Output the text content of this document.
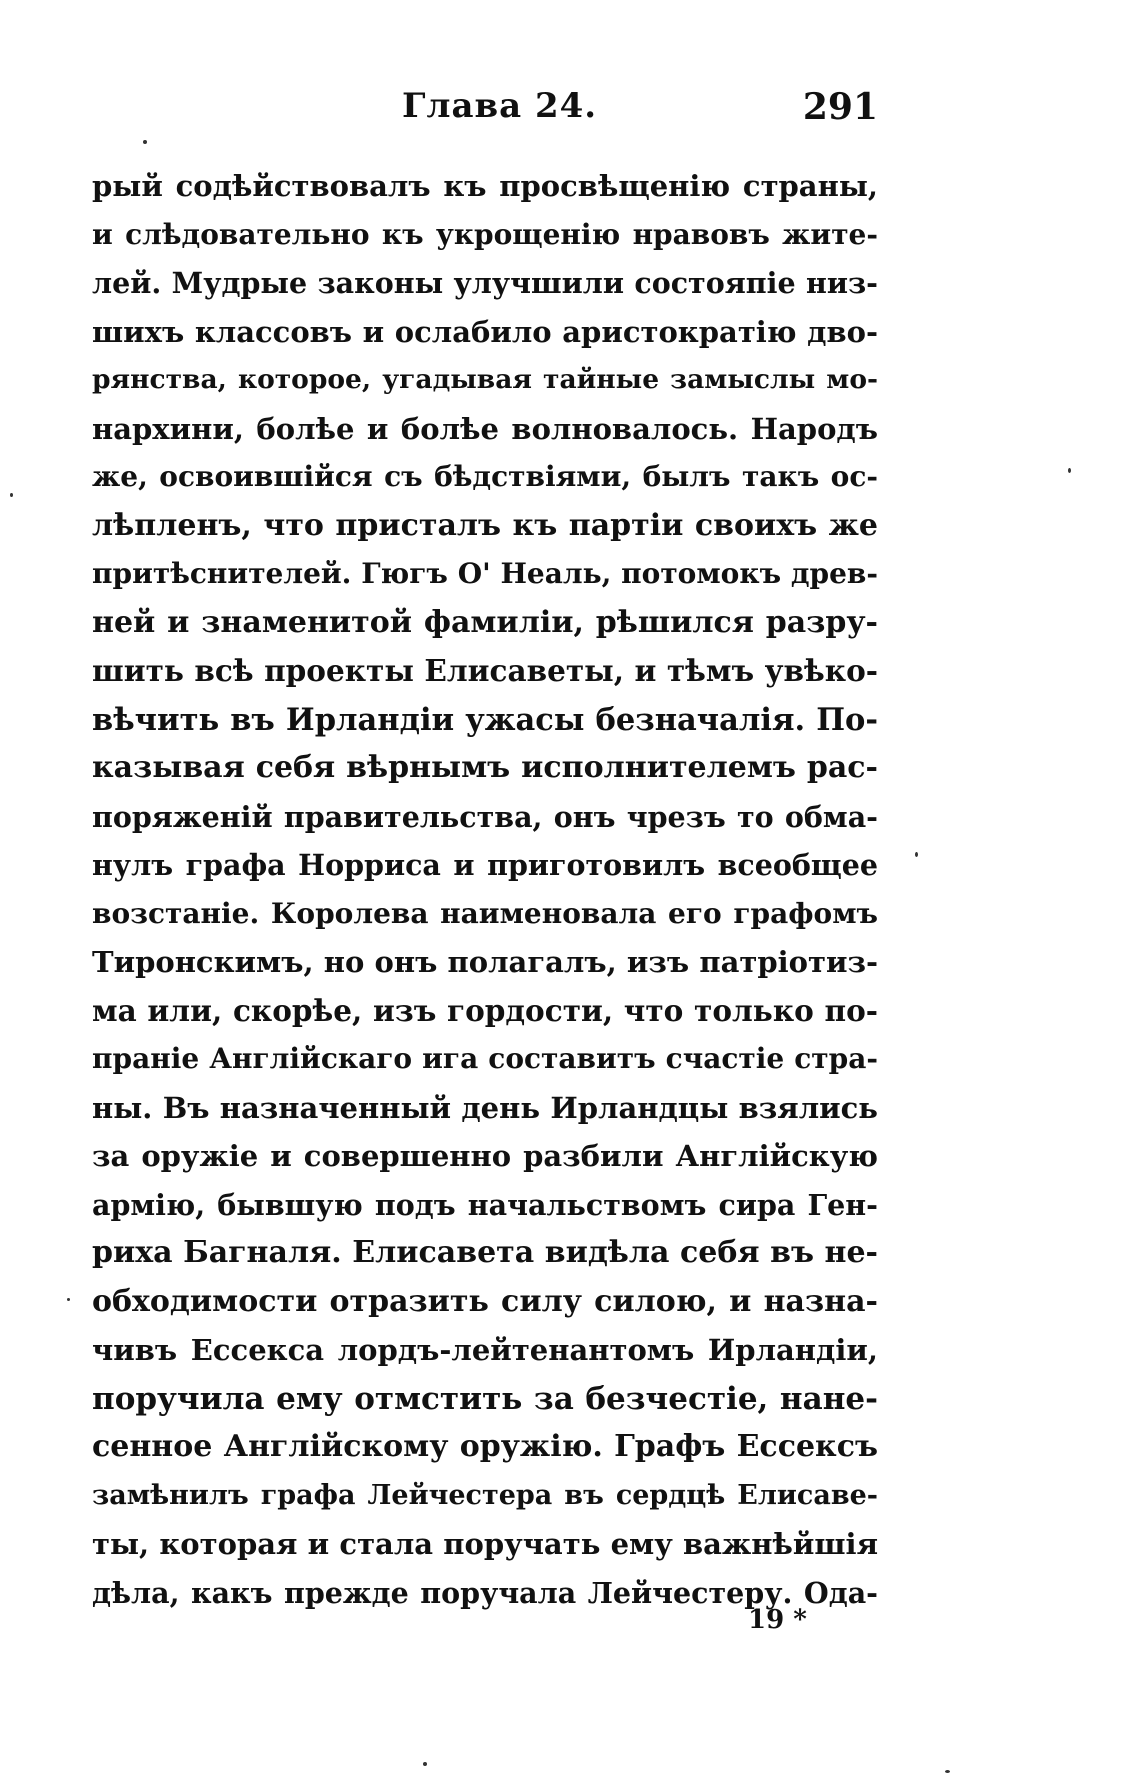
Глава 24.	291
рый содѣйствовалъ къ просвѣщенію страны,
и слѣдовательно къ укрощенію нравовъ жите-
лей. Мудрые законы улучшили состояпіе низ-
шихъ классовъ и ослабило аристократію дво-
рянства, которое, угадывая тайные замыслы мо-
нархини, болѣе и болѣе волновалось. Народъ
же, освоившійся съ бѣдствіями, былъ такъ ос-
лѣпленъ, что присталъ къ партіи своихъ же
притѣснителей. Гюгъ О' Неаль, потомокъ древ-
ней и знаменитой фамиліи, рѣшился разру-
шить всѣ проекты Елисаветы, и тѣмъ увѣко-
вѣчить въ Ирландіи ужасы безначалія. По-
казывая себя вѣрнымъ исполнителемъ рас-
поряженій правительства, онъ чрезъ то обма-
нулъ графа Норриса и приготовилъ всеобщее
возстаніе. Королева наименовала его графомъ
Тиронскимъ, но онъ полагалъ, изъ патріотиз-
ма или, скорѣе, изъ гордости, что только по-
праніе Англійскаго ига составитъ счастіе стра-
ны. Въ назначенный день Ирландцы взялись
за оружіе и совершенно разбили Англійскую
армію, бывшую подъ начальствомъ сира Ген-
риха Багналя. Елисавета видѣла себя въ не-
обходимости отразить силу силою, и назна-
чивъ Ессекса лордъ-лейтенантомъ Ирландіи,
поручила ему отмстить за безчестіе, нане-
сенное Англійскому оружію. Графъ Ессексъ
замѣнилъ графа Лейчестера въ сердцѣ Елисаве-
ты, которая и стала поручать ему важнѣйшія
дѣла, какъ прежде поручала Лейчестеру. Ода-
19 *
